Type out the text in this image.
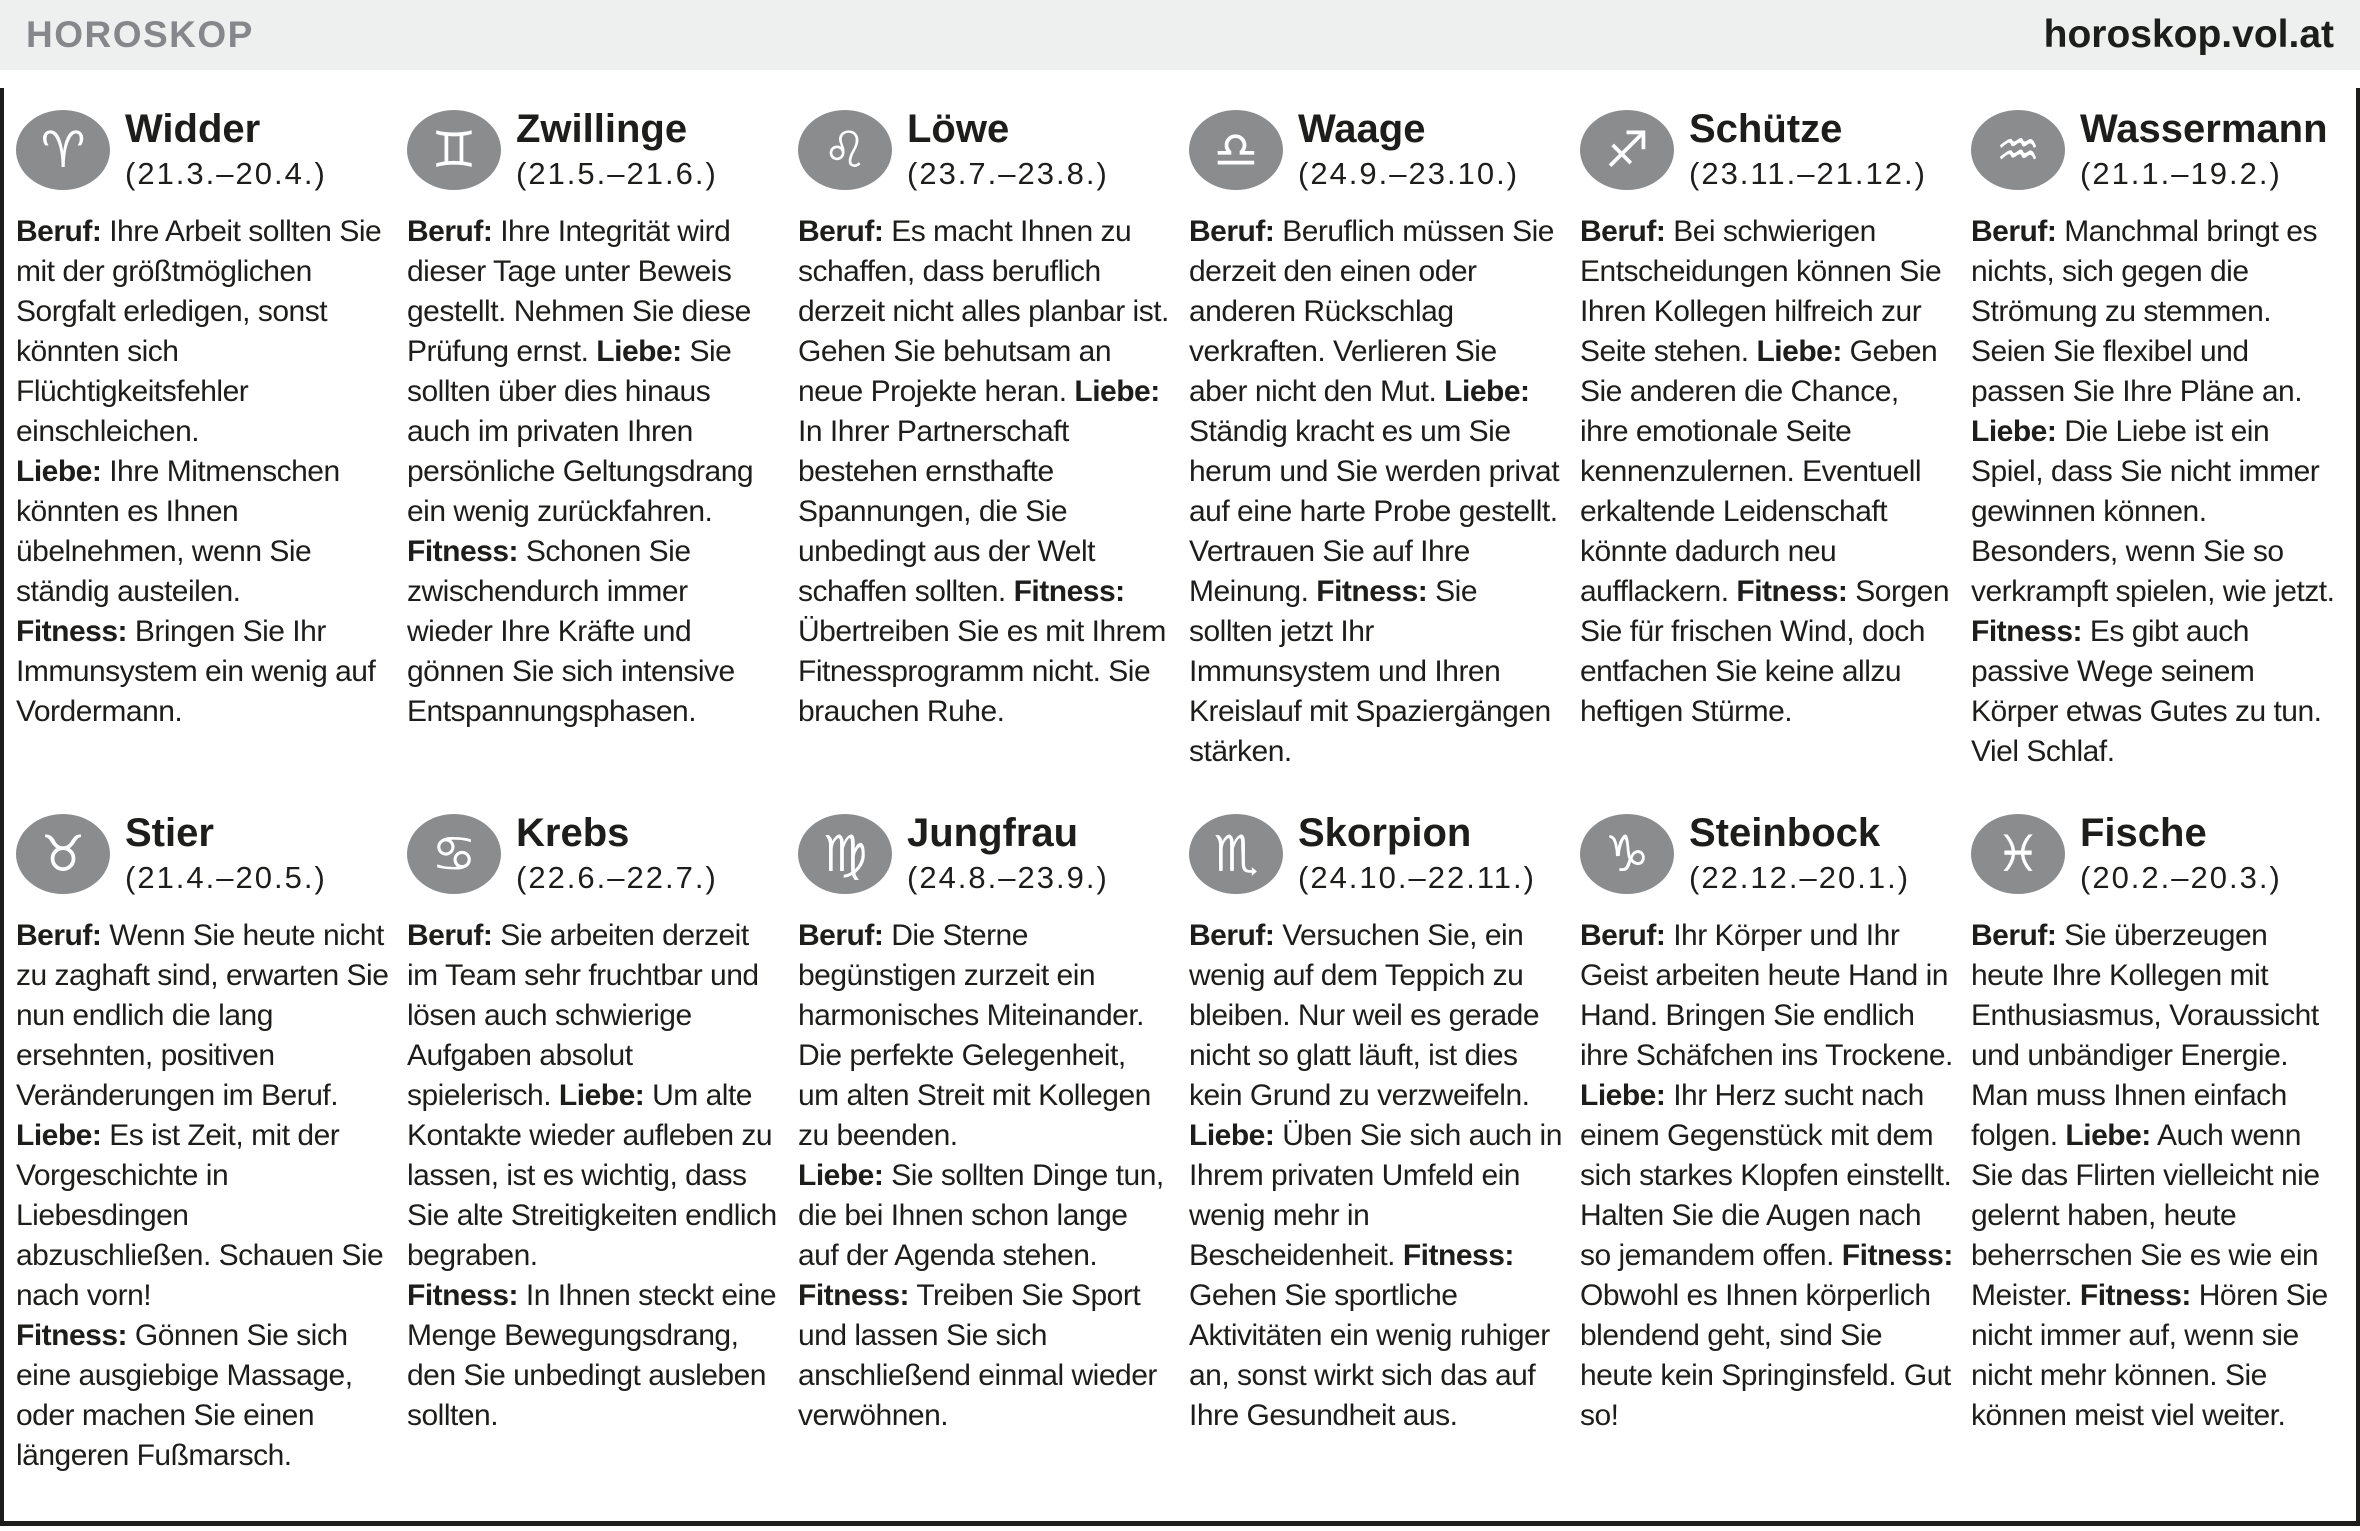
HOROSKOP	horoskop.vol.at
♈ Widder
(21.3.–20.4.)

Beruf: Ihre Arbeit sollten Sie mit der größtmöglichen Sorgfalt erledigen, sonst könnten sich Flüchtigkeitsfehler einschleichen.

Liebe: Ihre Mitmenschen könnten es Ihnen übelnehmen, wenn Sie ständig austeilen.

Fitness: Bringen Sie Ihr Immunsystem ein wenig auf Vordermann.

♊ Zwillinge
(21.5.–21.6.)

Beruf: Ihre Integrität wird dieser Tage unter Beweis gestellt. Nehmen Sie diese Prüfung ernst. Liebe: Sie sollten über dies hinaus auch im privaten Ihren persönliche Geltungsdrang ein wenig zurückfahren. Fitness: Schonen Sie zwischendurch immer wieder Ihre Kräfte und gönnen Sie sich intensive Entspannungsphasen.

♌ Löwe
(23.7.–23.8.)

Beruf: Es macht Ihnen zu schaffen, dass beruflich derzeit nicht alles planbar ist. Gehen Sie behutsam an neue Projekte heran. Liebe: In Ihrer Partnerschaft bestehen ernsthafte Spannungen, die Sie unbedingt aus der Welt schaffen sollten. Fitness: Übertreiben Sie es mit Ihrem Fitnessprogramm nicht. Sie brauchen Ruhe.

♎ Waage
(24.9.–23.10.)

Beruf: Beruflich müssen Sie derzeit den einen oder anderen Rückschlag verkraften. Verlieren Sie aber nicht den Mut. Liebe: Ständig kracht es um Sie herum und Sie werden privat auf eine harte Probe gestellt. Vertrauen Sie auf Ihre Meinung. Fitness: Sie sollten jetzt Ihr Immunsystem und Ihren Kreislauf mit Spaziergängen stärken.

♐ Schütze
(23.11.–21.12.)

Beruf: Bei schwierigen Entscheidungen können Sie Ihren Kollegen hilfreich zur Seite stehen. Liebe: Geben Sie anderen die Chance, ihre emotionale Seite kennenzulernen. Eventuell erkaltende Leidenschaft könnte dadurch neu aufflackern. Fitness: Sorgen Sie für frischen Wind, doch entfachen Sie keine allzu heftigen Stürme.

♒ Wassermann
(21.1.–19.2.)

Beruf: Manchmal bringt es nichts, sich gegen die Strömung zu stemmen. Seien Sie flexibel und passen Sie Ihre Pläne an. Liebe: Die Liebe ist ein Spiel, dass Sie nicht immer gewinnen können. Besonders, wenn Sie so verkrampft spielen, wie jetzt. Fitness: Es gibt auch passive Wege seinem Körper etwas Gutes zu tun. Viel Schlaf.

♉ Stier
(21.4.–20.5.)

Beruf: Wenn Sie heute nicht zu zaghaft sind, erwarten Sie nun endlich die lang ersehnten, positiven Veränderungen im Beruf.

Liebe: Es ist Zeit, mit der Vorgeschichte in Liebesdingen abzuschließen. Schauen Sie nach vorn!

Fitness: Gönnen Sie sich eine ausgiebige Massage, oder machen Sie einen längeren Fußmarsch.

♋ Krebs
(22.6.–22.7.)

Beruf: Sie arbeiten derzeit im Team sehr fruchtbar und lösen auch schwierige Aufgaben absolut spielerisch. Liebe: Um alte Kontakte wieder aufleben zu lassen, ist es wichtig, dass Sie alte Streitigkeiten endlich begraben.

Fitness: In Ihnen steckt eine Menge Bewegungsdrang, den Sie unbedingt ausleben sollten.

♍ Jungfrau
(24.8.–23.9.)

Beruf: Die Sterne begünstigen zurzeit ein harmonisches Miteinander. Die perfekte Gelegenheit, um alten Streit mit Kollegen zu beenden.

Liebe: Sie sollten Dinge tun, die bei Ihnen schon lange auf der Agenda stehen. Fitness: Treiben Sie Sport und lassen Sie sich anschließend einmal wieder verwöhnen.

♏ Skorpion
(24.10.–22.11.)

Beruf: Versuchen Sie, ein wenig auf dem Teppich zu bleiben. Nur weil es gerade nicht so glatt läuft, ist dies kein Grund zu verzweifeln. Liebe: Üben Sie sich auch in Ihrem privaten Umfeld ein wenig mehr in Bescheidenheit. Fitness: Gehen Sie sportliche Aktivitäten ein wenig ruhiger an, sonst wirkt sich das auf Ihre Gesundheit aus.

♑ Steinbock
(22.12.–20.1.)

Beruf: Ihr Körper und Ihr Geist arbeiten heute Hand in Hand. Bringen Sie endlich ihre Schäfchen ins Trockene. Liebe: Ihr Herz sucht nach einem Gegenstück mit dem sich starkes Klopfen einstellt. Halten Sie die Augen nach so jemandem offen. Fitness: Obwohl es Ihnen körperlich blendend geht, sind Sie heute kein Springinsfeld. Gut so!

♓ Fische
(20.2.–20.3.)

Beruf: Sie überzeugen heute Ihre Kollegen mit Enthusiasmus, Voraussicht und unbändiger Energie. Man muss Ihnen einfach folgen. Liebe: Auch wenn Sie das Flirten vielleicht nie gelernt haben, heute beherrschen Sie es wie ein Meister. Fitness: Hören Sie nicht immer auf, wenn sie nicht mehr können. Sie können meist viel weiter.
